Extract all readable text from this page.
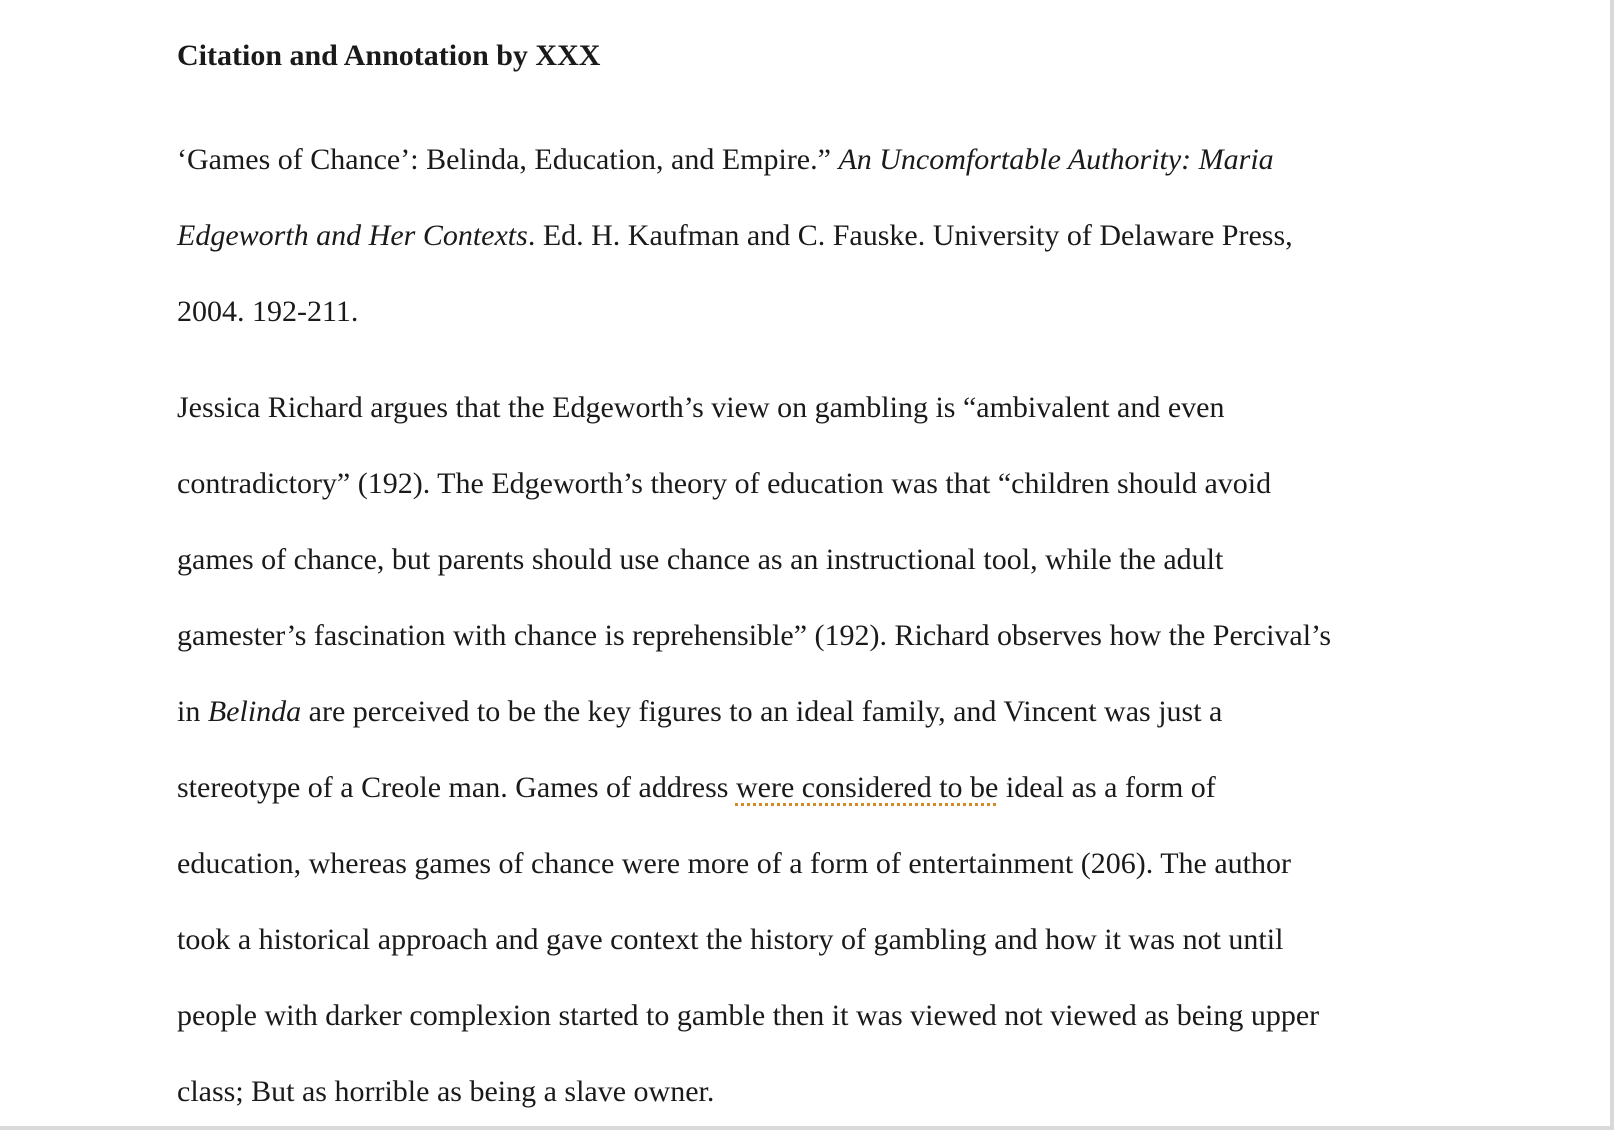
Citation and Annotation by XXX

‘Games of Chance’: Belinda, Education, and Empire.” An Uncomfortable Authority: Maria
Edgeworth and Her Contexts. Ed. H. Kaufman and C. Fauske. University of Delaware Press,
2004. 192-211.
Jessica Richard argues that the Edgeworth’s view on gambling is “ambivalent and even
contradictory” (192). The Edgeworth’s theory of education was that “children should avoid
games of chance, but parents should use chance as an instructional tool, while the adult
gamester’s fascination with chance is reprehensible” (192). Richard observes how the Percival’s
in Belinda are perceived to be the key figures to an ideal family, and Vincent was just a
stereotype of a Creole man. Games of address were considered to be ideal as a form of
education, whereas games of chance were more of a form of entertainment (206). The author
took a historical approach and gave context the history of gambling and how it was not until
people with darker complexion started to gamble then it was viewed not viewed as being upper
class; But as horrible as being a slave owner.
